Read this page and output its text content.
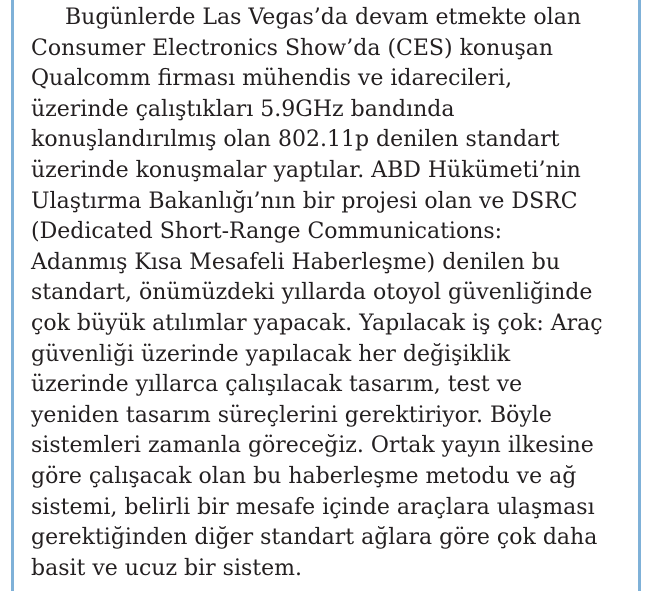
Bugünlerde Las Vegas’da devam etmekte olan
Consumer Electronics Show’da (CES) konuşan
Qualcomm firması mühendis ve idarecileri,
üzerinde çalıştıkları 5.9GHz bandında
konuşlandırılmış olan 802.11p denilen standart
üzerinde konuşmalar yaptılar. ABD Hükümeti’nin
Ulaştırma Bakanlığı’nın bir projesi olan ve DSRC
(Dedicated Short-Range Communications:
Adanmış Kısa Mesafeli Haberleşme) denilen bu
standart, önümüzdeki yıllarda otoyol güvenliğinde
çok büyük atılımlar yapacak. Yapılacak iş çok: Araç
güvenliği üzerinde yapılacak her değişiklik
üzerinde yıllarca çalışılacak tasarım, test ve
yeniden tasarım süreçlerini gerektiriyor. Böyle
sistemleri zamanla göreceğiz. Ortak yayın ilkesine
göre çalışacak olan bu haberleşme metodu ve ağ
sistemi, belirli bir mesafe içinde araçlara ulaşması
gerektiğinden diğer standart ağlara göre çok daha
basit ve ucuz bir sistem.
